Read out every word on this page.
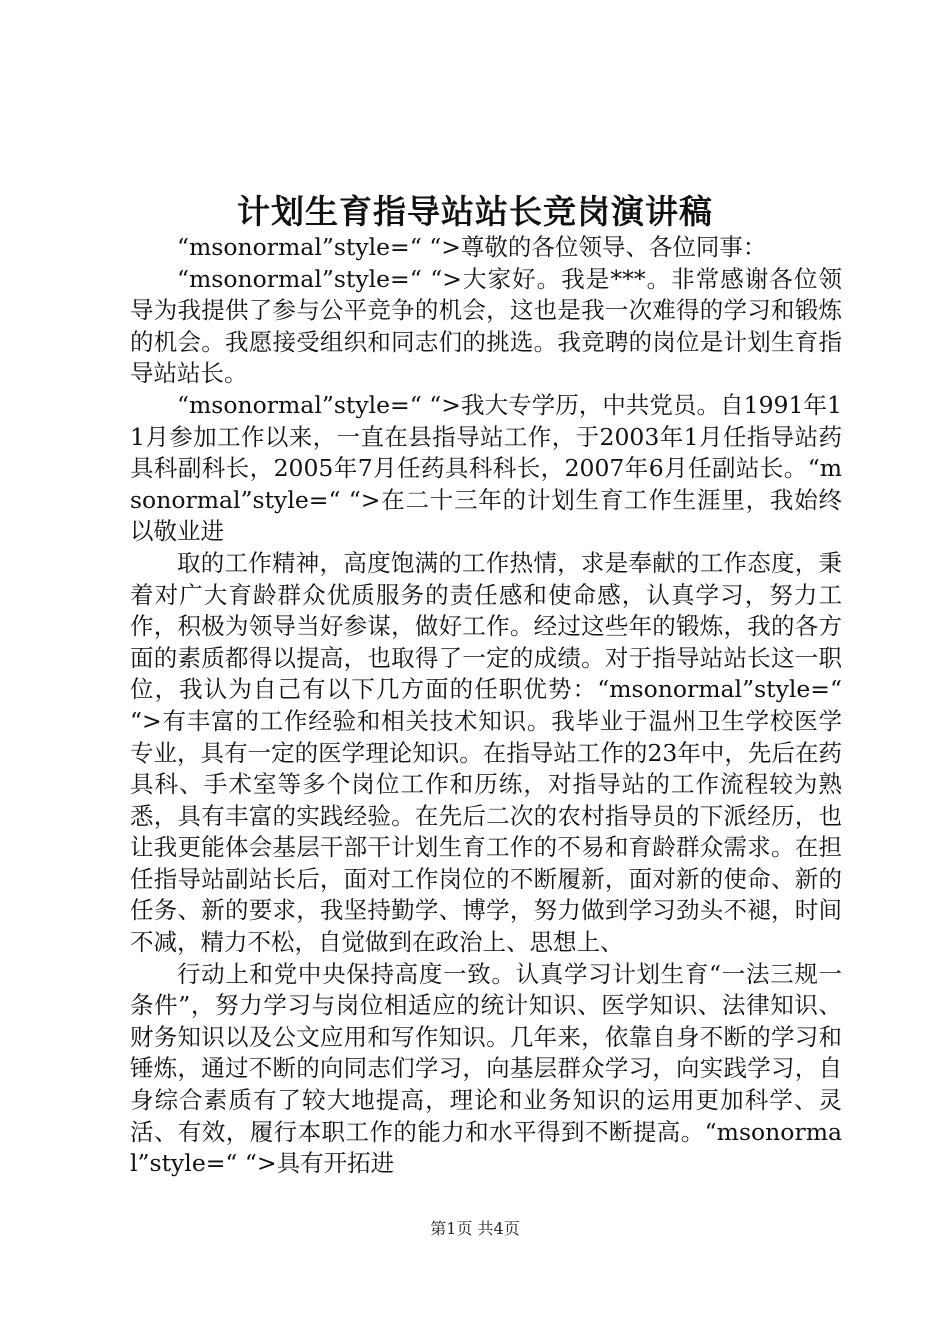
计划生育指导站站长竞岗演讲稿

“msonormal”style=“ “>尊敬的各位领导、各位同事：

“msonormal”style=“ “>大家好。我是***。非常感谢各位领导为我提供了参与公平竞争的机会，这也是我一次难得的学习和锻炼的机会。我愿接受组织和同志们的挑选。我竞聘的岗位是计划生育指导站站长。

“msonormal”style=“ “>我大专学历，中共党员。自1991年11月参加工作以来，一直在县指导站工作，于2003年1月任指导站药具科副科长，2005年7月任药具科科长，2007年6月任副站长。“msonormal”style=“ “>在二十三年的计划生育工作生涯里，我始终以敬业进

取的工作精神，高度饱满的工作热情，求是奉献的工作态度，秉着对广大育龄群众优质服务的责任感和使命感，认真学习，努力工作，积极为领导当好参谋，做好工作。经过这些年的锻炼，我的各方面的素质都得以提高，也取得了一定的成绩。对于指导站站长这一职位，我认为自己有以下几方面的任职优势：“msonormal”style=“ “>有丰富的工作经验和相关技术知识。我毕业于温州卫生学校医学专业，具有一定的医学理论知识。在指导站工作的23年中，先后在药具科、手术室等多个岗位工作和历练，对指导站的工作流程较为熟悉，具有丰富的实践经验。在先后二次的农村指导员的下派经历，也让我更能体会基层干部干计划生育工作的不易和育龄群众需求。在担任指导站副站长后，面对工作岗位的不断履新，面对新的使命、新的任务、新的要求，我坚持勤学、博学，努力做到学习劲头不褪，时间不减，精力不松，自觉做到在政治上、思想上、

行动上和党中央保持高度一致。认真学习计划生育“一法三规一条件”，努力学习与岗位相适应的统计知识、医学知识、法律知识、财务知识以及公文应用和写作知识。几年来，依靠自身不断的学习和锤炼，通过不断的向同志们学习，向基层群众学习，向实践学习，自身综合素质有了较大地提高，理论和业务知识的运用更加科学、灵活、有效，履行本职工作的能力和水平得到不断提高。“msonormal”style=“ “>具有开拓进

第1页 共4页
